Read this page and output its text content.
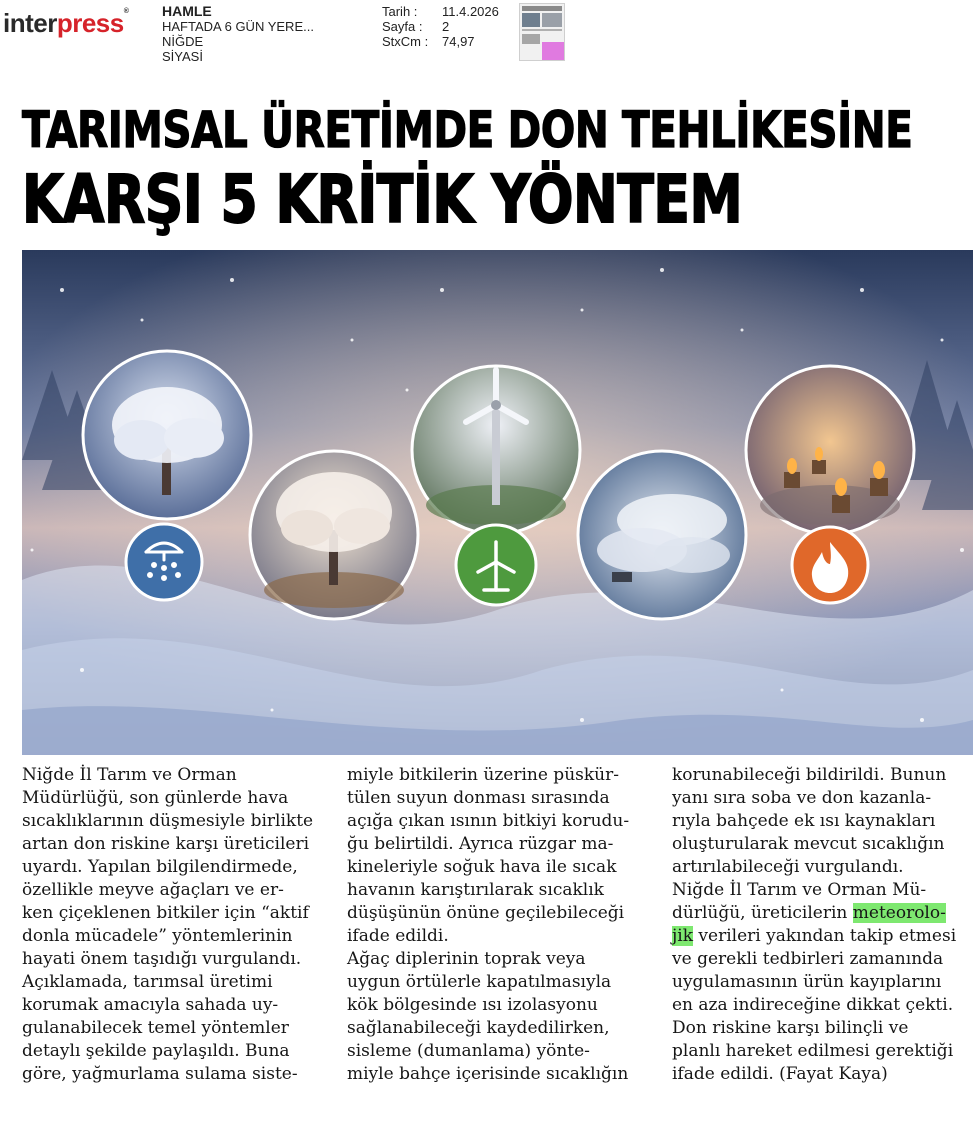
interpress® HAMLE
HAFTADA 6 GÜN YERE...
NİĞDE
SİYASİ
Tarih :	11.4.2026
Sayfa :	2
StxCm :	74,97
TARIMSAL ÜRETİMDE DON TEHLİKESİNE
KARŞI 5 KRİTİK YÖNTEM

Niğde İl Tarım ve Orman

Müdürlüğü, son günlerde hava

sıcaklıklarının düşmesiyle birlikte

artan don riskine karşı üreticileri

uyardı. Yapılan bilgilendirmede,

özellikle meyve ağaçları ve er-

ken çiçeklenen bitkiler için “aktif

donla mücadele” yöntemlerinin

hayati önem taşıdığı vurgulandı.

Açıklamada, tarımsal üretimi

korumak amacıyla sahada uy-

gulanabilecek temel yöntemler

detaylı şekilde paylaşıldı. Buna

göre, yağmurlama sulama siste-

miyle bitkilerin üzerine püskür-

tülen suyun donması sırasında

açığa çıkan ısının bitkiyi korudu-

ğu belirtildi. Ayrıca rüzgar ma-

kineleriyle soğuk hava ile sıcak

havanın karıştırılarak sıcaklık

düşüşünün önüne geçilebileceği

ifade edildi.

Ağaç diplerinin toprak veya

uygun örtülerle kapatılmasıyla

kök bölgesinde ısı izolasyonu

sağlanabileceği kaydedilirken,

sisleme (dumanlama) yönte-

miyle bahçe içerisinde sıcaklığın

korunabileceği bildirildi. Bunun

yanı sıra soba ve don kazanla-

rıyla bahçede ek ısı kaynakları

oluşturularak mevcut sıcaklığın

artırılabileceği vurgulandı.

Niğde İl Tarım ve Orman Mü-

dürlüğü, üreticilerin meteorolo-

jik verileri yakından takip etmesi

ve gerekli tedbirleri zamanında

uygulamasının ürün kayıplarını

en aza indireceğine dikkat çekti.

Don riskine karşı bilinçli ve

planlı hareket edilmesi gerektiği

ifade edildi. (Fayat Kaya)
